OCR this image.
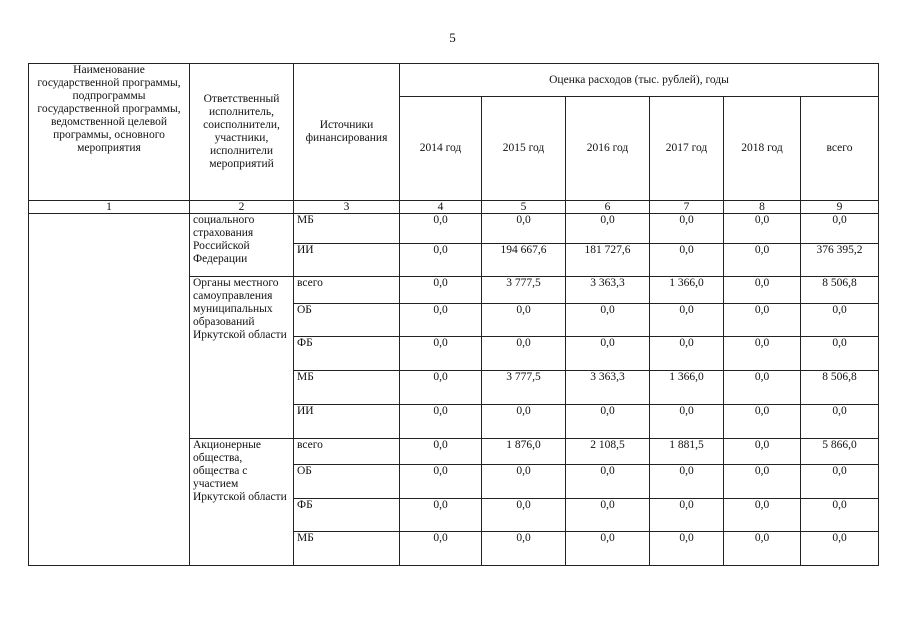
5
Наименование государственной программы, подпрограммы государственной программы, ведомственной целевой программы, основного мероприятия	Ответственный исполнитель, соисполнители, участники, исполнители мероприятий	Источники финансирования	Оценка расходов (тыс. рублей), годы					
			2014 год	2015 год	2016 год	2017 год	2018 год	всего
1	2	3	4	5	6	7	8	9
	социального страхования Российской Федерации	МБ	0,0	0,0	0,0	0,0	0,0	0,0
		ИИ	0,0	194 667,6	181 727,6	0,0	0,0	376 395,2
	Органы местного самоуправления муниципальных образований Иркутской области	всего	0,0	3 777,5	3 363,3	1 366,0	0,0	8 506,8
		ОБ	0,0	0,0	0,0	0,0	0,0	0,0
		ФБ	0,0	0,0	0,0	0,0	0,0	0,0
		МБ	0,0	3 777,5	3 363,3	1 366,0	0,0	8 506,8
		ИИ	0,0	0,0	0,0	0,0	0,0	0,0
	Акционерные общества, общества с участием Иркутской области	всего	0,0	1 876,0	2 108,5	1 881,5	0,0	5 866,0
		ОБ	0,0	0,0	0,0	0,0	0,0	0,0
		ФБ	0,0	0,0	0,0	0,0	0,0	0,0
		МБ	0,0	0,0	0,0	0,0	0,0	0,0
